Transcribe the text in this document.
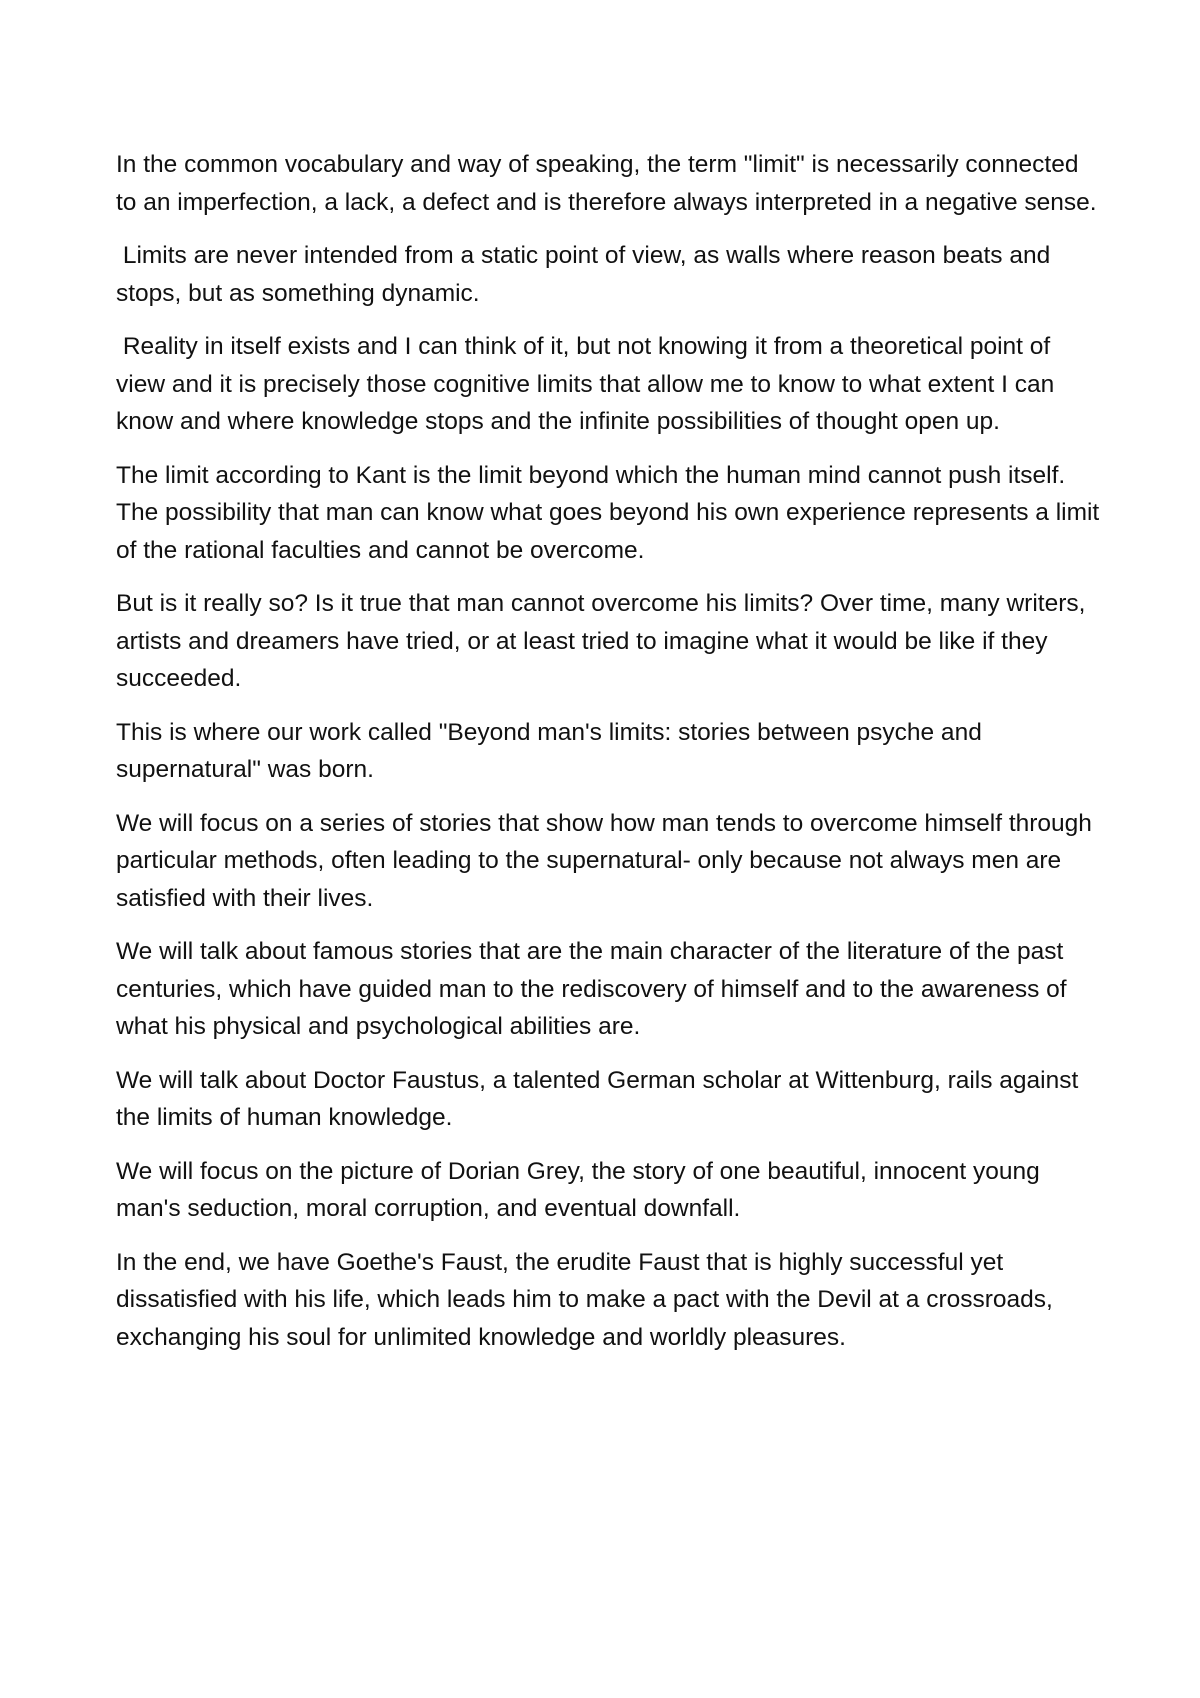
In the common vocabulary and way of speaking, the term "limit" is necessarily connected to an imperfection, a lack, a defect and is therefore always interpreted in a negative sense.

Limits are never intended from a static point of view, as walls where reason beats and stops, but as something dynamic.

Reality in itself exists and I can think of it, but not knowing it from a theoretical point of view and it is precisely those cognitive limits that allow me to know to what extent I can know and where knowledge stops and the infinite possibilities of thought open up.

The limit according to Kant is the limit beyond which the human mind cannot push itself. The possibility that man can know what goes beyond his own experience represents a limit of the rational faculties and cannot be overcome.

But is it really so? Is it true that man cannot overcome his limits? Over time, many writers, artists and dreamers have tried, or at least tried to imagine what it would be like if they succeeded.

This is where our work called "Beyond man's limits: stories between psyche and supernatural" was born.

We will focus on a series of stories that show how man tends to overcome himself through particular methods, often leading to the supernatural- only because not always men are satisfied with their lives.

We will talk about famous stories that are the main character of the literature of the past centuries, which have guided man to the rediscovery of himself and to the awareness of what his physical and psychological abilities are.

We will talk about Doctor Faustus, a talented German scholar at Wittenburg, rails against the limits of human knowledge.

We will focus on the picture of Dorian Grey, the story of one beautiful, innocent young man's seduction, moral corruption, and eventual downfall.

In the end, we have Goethe's Faust, the erudite Faust that is highly successful yet dissatisfied with his life, which leads him to make a pact with the Devil at a crossroads, exchanging his soul for unlimited knowledge and worldly pleasures.
